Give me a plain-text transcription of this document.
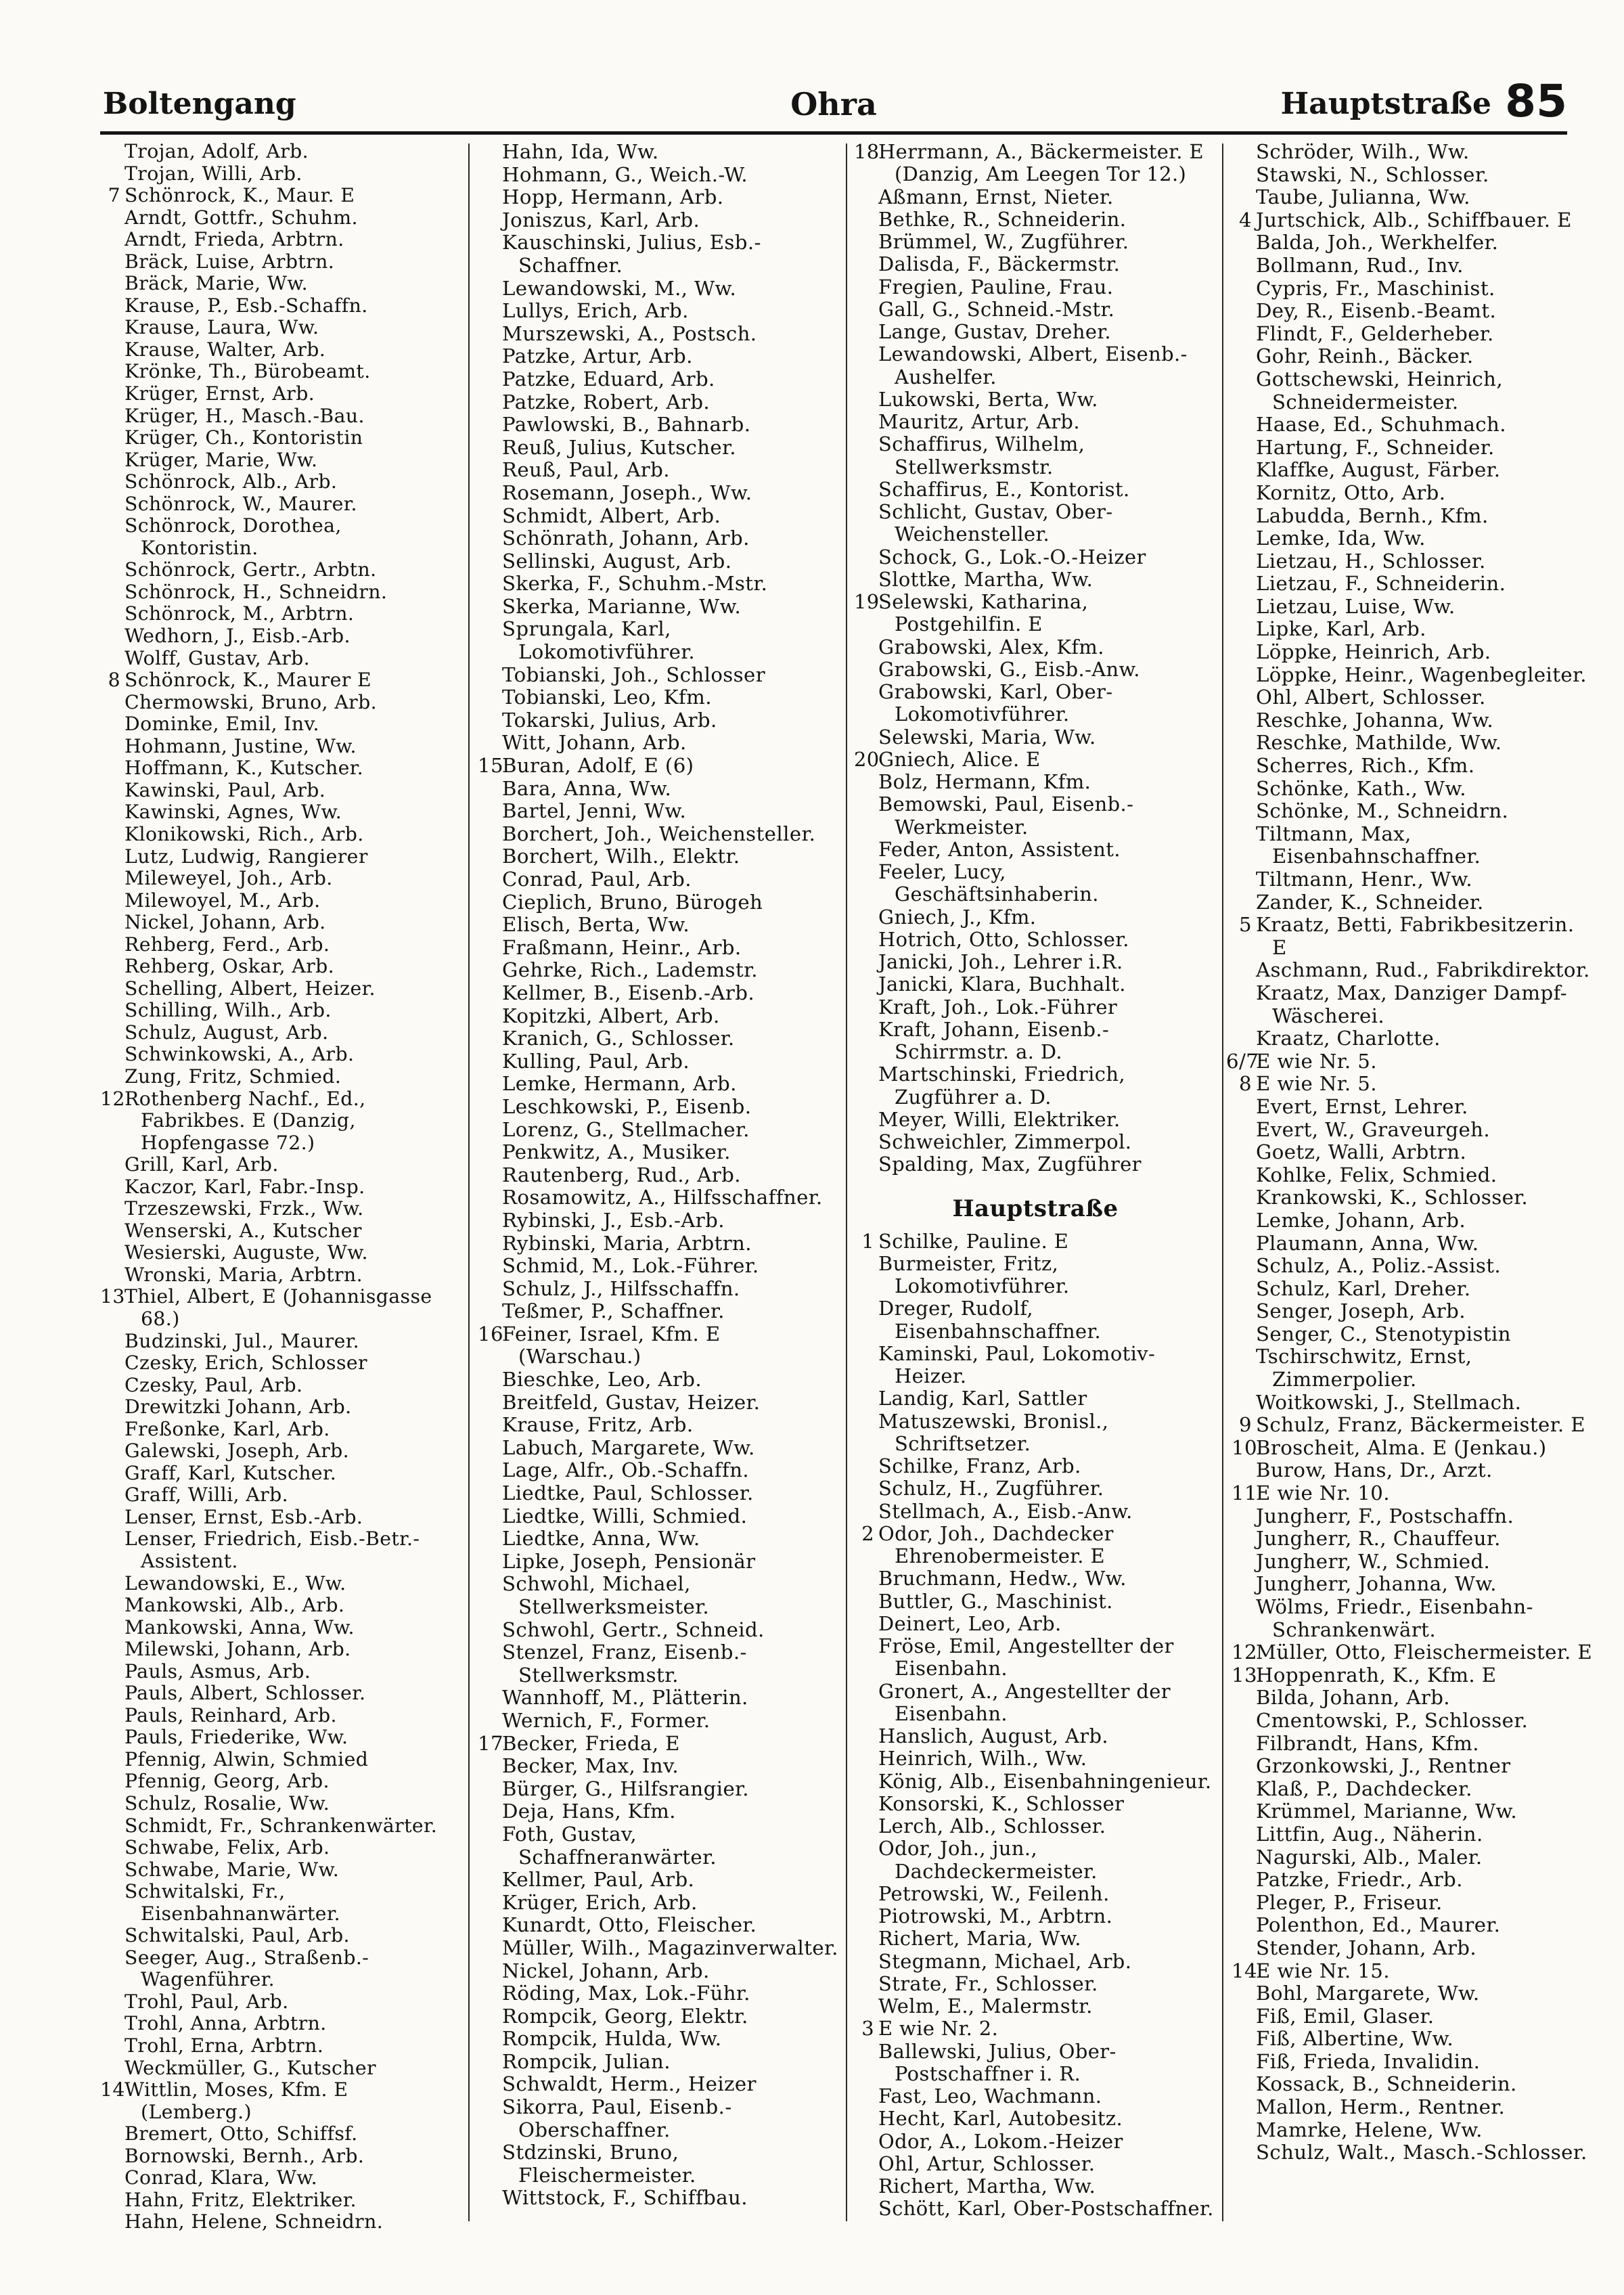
Boltengang	Ohra	Hauptstraße 85
Trojan, Adolf, Arb.
Trojan, Willi, Arb.
7 Schönrock, K., Maur. E
Arndt, Gottfr., Schuhm.
Arndt, Frieda, Arbtrn.
Bräck, Luise, Arbtrn.
Bräck, Marie, Ww.
Krause, P., Esb.-Schaffn.
Krause, Laura, Ww.
Krause, Walter, Arb.
Krönke, Th., Bürobeamt.
Krüger, Ernst, Arb.
Krüger, H., Masch.-Bau.
Krüger, Ch., Kontoristin
Krüger, Marie, Ww.
Schönrock, Alb., Arb.
Schönrock, W., Maurer.
Schönrock, Dorothea, Kontoristin.
Schönrock, Gertr., Arbtn.
Schönrock, H., Schneidrn.
Schönrock, M., Arbtrn.
Wedhorn, J., Eisb.-Arb.
Wolff, Gustav, Arb.
8 Schönrock, K., Maurer E
Chermowski, Bruno, Arb.
Dominke, Emil, Inv.
Hohmann, Justine, Ww.
Hoffmann, K., Kutscher.
Kawinski, Paul, Arb.
Kawinski, Agnes, Ww.
Klonikowski, Rich., Arb.
Lutz, Ludwig, Rangierer
Mileweyel, Joh., Arb.
Milewoyel, M., Arb.
Nickel, Johann, Arb.
Rehberg, Ferd., Arb.
Rehberg, Oskar, Arb.
Schelling, Albert, Heizer.
Schilling, Wilh., Arb.
Schulz, August, Arb.
Schwinkowski, A., Arb.
Zung, Fritz, Schmied.
12 Rothenberg Nachf., Ed., Fabrikbes. E (Danzig, Hopfengasse 72.)
Grill, Karl, Arb.
Kaczor, Karl, Fabr.-Insp.
Trzeszewski, Frzk., Ww.
Wenserski, A., Kutscher
Wesierski, Auguste, Ww.
Wronski, Maria, Arbtrn.
13 Thiel, Albert, E (Johannisgasse 68.)
Budzinski, Jul., Maurer.
Czesky, Erich, Schlosser
Czesky, Paul, Arb.
Drewitzki Johann, Arb.
Freßonke, Karl, Arb.
Galewski, Joseph, Arb.
Graff, Karl, Kutscher.
Graff, Willi, Arb.
Lenser, Ernst, Esb.-Arb.
Lenser, Friedrich, Eisb.-Betr.-Assistent.
Lewandowski, E., Ww.
Mankowski, Alb., Arb.
Mankowski, Anna, Ww.
Milewski, Johann, Arb.
Pauls, Asmus, Arb.
Pauls, Albert, Schlosser.
Pauls, Reinhard, Arb.
Pauls, Friederike, Ww.
Pfennig, Alwin, Schmied
Pfennig, Georg, Arb.
Schulz, Rosalie, Ww.
Schmidt, Fr., Schrankenwärter.
Schwabe, Felix, Arb.
Schwabe, Marie, Ww.
Schwitalski, Fr., Eisenbahnanwärter.
Schwitalski, Paul, Arb.
Seeger, Aug., Straßenb.-Wagenführer.
Trohl, Paul, Arb.
Trohl, Anna, Arbtrn.
Trohl, Erna, Arbtrn.
Weckmüller, G., Kutscher
14 Wittlin, Moses, Kfm. E (Lemberg.)
Bremert, Otto, Schiffsf.
Bornowski, Bernh., Arb.
Conrad, Klara, Ww.
Hahn, Fritz, Elektriker.
Hahn, Helene, Schneidrn.
Hahn, Ida, Ww.
Hohmann, G., Weich.-W.
Hopp, Hermann, Arb.
Joniszus, Karl, Arb.
Kauschinski, Julius, Esb.-Schaffner.
Lewandowski, M., Ww.
Lullys, Erich, Arb.
Murszewski, A., Postsch.
Patzke, Artur, Arb.
Patzke, Eduard, Arb.
Patzke, Robert, Arb.
Pawlowski, B., Bahnarb.
Reuß, Julius, Kutscher.
Reuß, Paul, Arb.
Rosemann, Joseph., Ww.
Schmidt, Albert, Arb.
Schönrath, Johann, Arb.
Sellinski, August, Arb.
Skerka, F., Schuhm.-Mstr.
Skerka, Marianne, Ww.
Sprungala, Karl, Lokomotivführer.
Tobianski, Joh., Schlosser
Tobianski, Leo, Kfm.
Tokarski, Julius, Arb.
Witt, Johann, Arb.
15
Buran, Adolf, E (6)
Bara, Anna, Ww.
Bartel, Jenni, Ww.
Borchert, Joh., Weichensteller.
Borchert, Wilh., Elektr.
Conrad, Paul, Arb.
Cieplich, Bruno, Bürogeh
Elisch, Berta, Ww.
Fraßmann, Heinr., Arb.
Gehrke, Rich., Lademstr.
Kellmer, B., Eisenb.-Arb.
Kopitzki, Albert, Arb.
Kranich, G., Schlosser.
Kulling, Paul, Arb.
Lemke, Hermann, Arb.
Leschkowski, P., Eisenb.
Lorenz, G., Stellmacher.
Penkwitz, A., Musiker.
Rautenberg, Rud., Arb.
Rosamowitz, A., Hilfsschaffner.
Rybinski, J., Esb.-Arb.
Rybinski, Maria, Arbtrn.
Schmid, M., Lok.-Führer.
Schulz, J., Hilfsschaffn.
Teßmer, P., Schaffner.
16
Feiner, Israel, Kfm. E (Warschau.)
Bieschke, Leo, Arb.
Breitfeld, Gustav, Heizer.
Krause, Fritz, Arb.
Labuch, Margarete, Ww.
Lage, Alfr., Ob.-Schaffn.
Liedtke, Paul, Schlosser.
Liedtke, Willi, Schmied.
Liedtke, Anna, Ww.
Lipke, Joseph, Pensionär
Schwohl, Michael, Stellwerksmeister.
Schwohl, Gertr., Schneid.
Stenzel, Franz, Eisenb.-Stellwerksmstr.
Wannhoff, M., Plätterin.
Wernich, F., Former.
17
Becker, Frieda, E
Becker, Max, Inv.
Bürger, G., Hilfsrangier.
Deja, Hans, Kfm.
Foth, Gustav, Schaffneranwärter.
Kellmer, Paul, Arb.
Krüger, Erich, Arb.
Kunardt, Otto, Fleischer.
Müller, Wilh., Magazinverwalter.
Nickel, Johann, Arb.
Röding, Max, Lok.-Führ.
Rompcik, Georg, Elektr.
Rompcik, Hulda, Ww.
Rompcik, Julian.
Schwaldt, Herm., Heizer
Sikorra, Paul, Eisenb.-Oberschaffner.
Stdzinski, Bruno, Fleischermeister.
Wittstock, F., Schiffbau.
18
Herrmann, A., Bäckermeister. E (Danzig, Am Leegen Tor 12.)
Aßmann, Ernst, Nieter.
Bethke, R., Schneiderin.
Brümmel, W., Zugführer.
Dalisda, F., Bäckermstr.
Fregien, Pauline, Frau.
Gall, G., Schneid.-Mstr.
Lange, Gustav, Dreher.
Lewandowski, Albert, Eisenb.-Aushelfer.
Lukowski, Berta, Ww.
Mauritz, Artur, Arb.
Schaffirus, Wilhelm, Stellwerksmstr.
Schaffirus, E., Kontorist.
Schlicht, Gustav, Ober-Weichensteller.
Schock, G., Lok.-O.-Heizer
Slottke, Martha, Ww.
19
Selewski, Katharina, Postgehilfin. E
Grabowski, Alex, Kfm.
Grabowski, G., Eisb.-Anw.
Grabowski, Karl, Ober-Lokomotivführer.
Selewski, Maria, Ww.
20
Gniech, Alice. E
Bolz, Hermann, Kfm.
Bemowski, Paul, Eisenb.-Werkmeister.
Feder, Anton, Assistent.
Feeler, Lucy, Geschäftsinhaberin.
Gniech, J., Kfm.
Hotrich, Otto, Schlosser.
Janicki, Joh., Lehrer i.R.
Janicki, Klara, Buchhalt.
Kraft, Joh., Lok.-Führer
Kraft, Johann, Eisenb.-Schirrmstr. a. D.
Martschinski, Friedrich, Zugführer a. D.
Meyer, Willi, Elektriker.
Schweichler, Zimmerpol.
Spalding, Max, Zugführer
Hauptstraße
1 Schilke, Pauline. E
Burmeister, Fritz, Lokomotivführer.
Dreger, Rudolf, Eisenbahnschaffner.
Kaminski, Paul, Lokomotiv-Heizer.
Landig, Karl, Sattler
Matuszewski, Bronisl., Schriftsetzer.
Schilke, Franz, Arb.
Schulz, H., Zugführer.
Stellmach, A., Eisb.-Anw.
2 Odor, Joh., Dachdecker Ehrenobermeister. E
Bruchmann, Hedw., Ww.
Buttler, G., Maschinist.
Deinert, Leo, Arb.
Fröse, Emil, Angestellter der Eisenbahn.
Gronert, A., Angestellter der Eisenbahn.
Hanslich, August, Arb.
Heinrich, Wilh., Ww.
König, Alb., Eisenbahningenieur.
Konsorski, K., Schlosser
Lerch, Alb., Schlosser.
Odor, Joh., jun., Dachdeckermeister.
Petrowski, W., Feilenh.
Piotrowski, M., Arbtrn.
Richert, Maria, Ww.
Stegmann, Michael, Arb.
Strate, Fr., Schlosser.
Welm, E., Malermstr.
3 E wie Nr. 2.
Ballewski, Julius, Ober-Postschaffner i. R.
Fast, Leo, Wachmann.
Hecht, Karl, Autobesitz.
Odor, A., Lokom.-Heizer
Ohl, Artur, Schlosser.
Richert, Martha, Ww.
Schött, Karl, Ober-Postschaffner.
Schröder, Wilh., Ww.
Stawski, N., Schlosser.
Taube, Julianna, Ww.
4 Jurtschick, Alb., Schiffbauer. E
Balda, Joh., Werkhelfer.
Bollmann, Rud., Inv.
Cypris, Fr., Maschinist.
Dey, R., Eisenb.-Beamt.
Flindt, F., Gelderheber.
Gohr, Reinh., Bäcker.
Gottschewski, Heinrich, Schneidermeister.
Haase, Ed., Schuhmach.
Hartung, F., Schneider.
Klaffke, August, Färber.
Kornitz, Otto, Arb.
Labudda, Bernh., Kfm.
Lemke, Ida, Ww.
Lietzau, H., Schlosser.
Lietzau, F., Schneiderin.
Lietzau, Luise, Ww.
Lipke, Karl, Arb.
Löppke, Heinrich, Arb.
Löppke, Heinr., Wagenbegleiter.
Ohl, Albert, Schlosser.
Reschke, Johanna, Ww.
Reschke, Mathilde, Ww.
Scherres, Rich., Kfm.
Schönke, Kath., Ww.
Schönke, M., Schneidrn.
Tiltmann, Max, Eisenbahnschaffner.
Tiltmann, Henr., Ww.
Zander, K., Schneider.
5 Kraatz, Betti, Fabrikbesitzerin. E
Aschmann, Rud., Fabrikdirektor.
Kraatz, Max, Danziger Dampf-Wäscherei.
Kraatz, Charlotte.
6/7
E wie Nr. 5.
8 E wie Nr. 5.
Evert, Ernst, Lehrer.
Evert, W., Graveurgeh.
Goetz, Walli, Arbtrn.
Kohlke, Felix, Schmied.
Krankowski, K., Schlosser.
Lemke, Johann, Arb.
Plaumann, Anna, Ww.
Schulz, A., Poliz.-Assist.
Schulz, Karl, Dreher.
Senger, Joseph, Arb.
Senger, C., Stenotypistin
Tschirschwitz, Ernst, Zimmerpolier.
Woitkowski, J., Stellmach.
9 Schulz, Franz, Bäckermeister. E
10
Broscheit, Alma. E (Jenkau.)
Burow, Hans, Dr., Arzt.
11
E wie Nr. 10.
Jungherr, F., Postschaffn.
Jungherr, R., Chauffeur.
Jungherr, W., Schmied.
Jungherr, Johanna, Ww.
Wölms, Friedr., Eisenbahn-Schrankenwärt.
12
Müller, Otto, Fleischermeister. E
13
Hoppenrath, K., Kfm. E
Bilda, Johann, Arb.
Cmentowski, P., Schlosser.
Filbrandt, Hans, Kfm.
Grzonkowski, J., Rentner
Klaß, P., Dachdecker.
Krümmel, Marianne, Ww.
Littfin, Aug., Näherin.
Nagurski, Alb., Maler.
Patzke, Friedr., Arb.
Pleger, P., Friseur.
Polenthon, Ed., Maurer.
Stender, Johann, Arb.
14
E wie Nr. 15.
Bohl, Margarete, Ww.
Fiß, Emil, Glaser.
Fiß, Albertine, Ww.
Fiß, Frieda, Invalidin.
Kossack, B., Schneiderin.
Mallon, Herm., Rentner.
Mamrke, Helene, Ww.
Schulz, Walt., Masch.-Schlosser.
